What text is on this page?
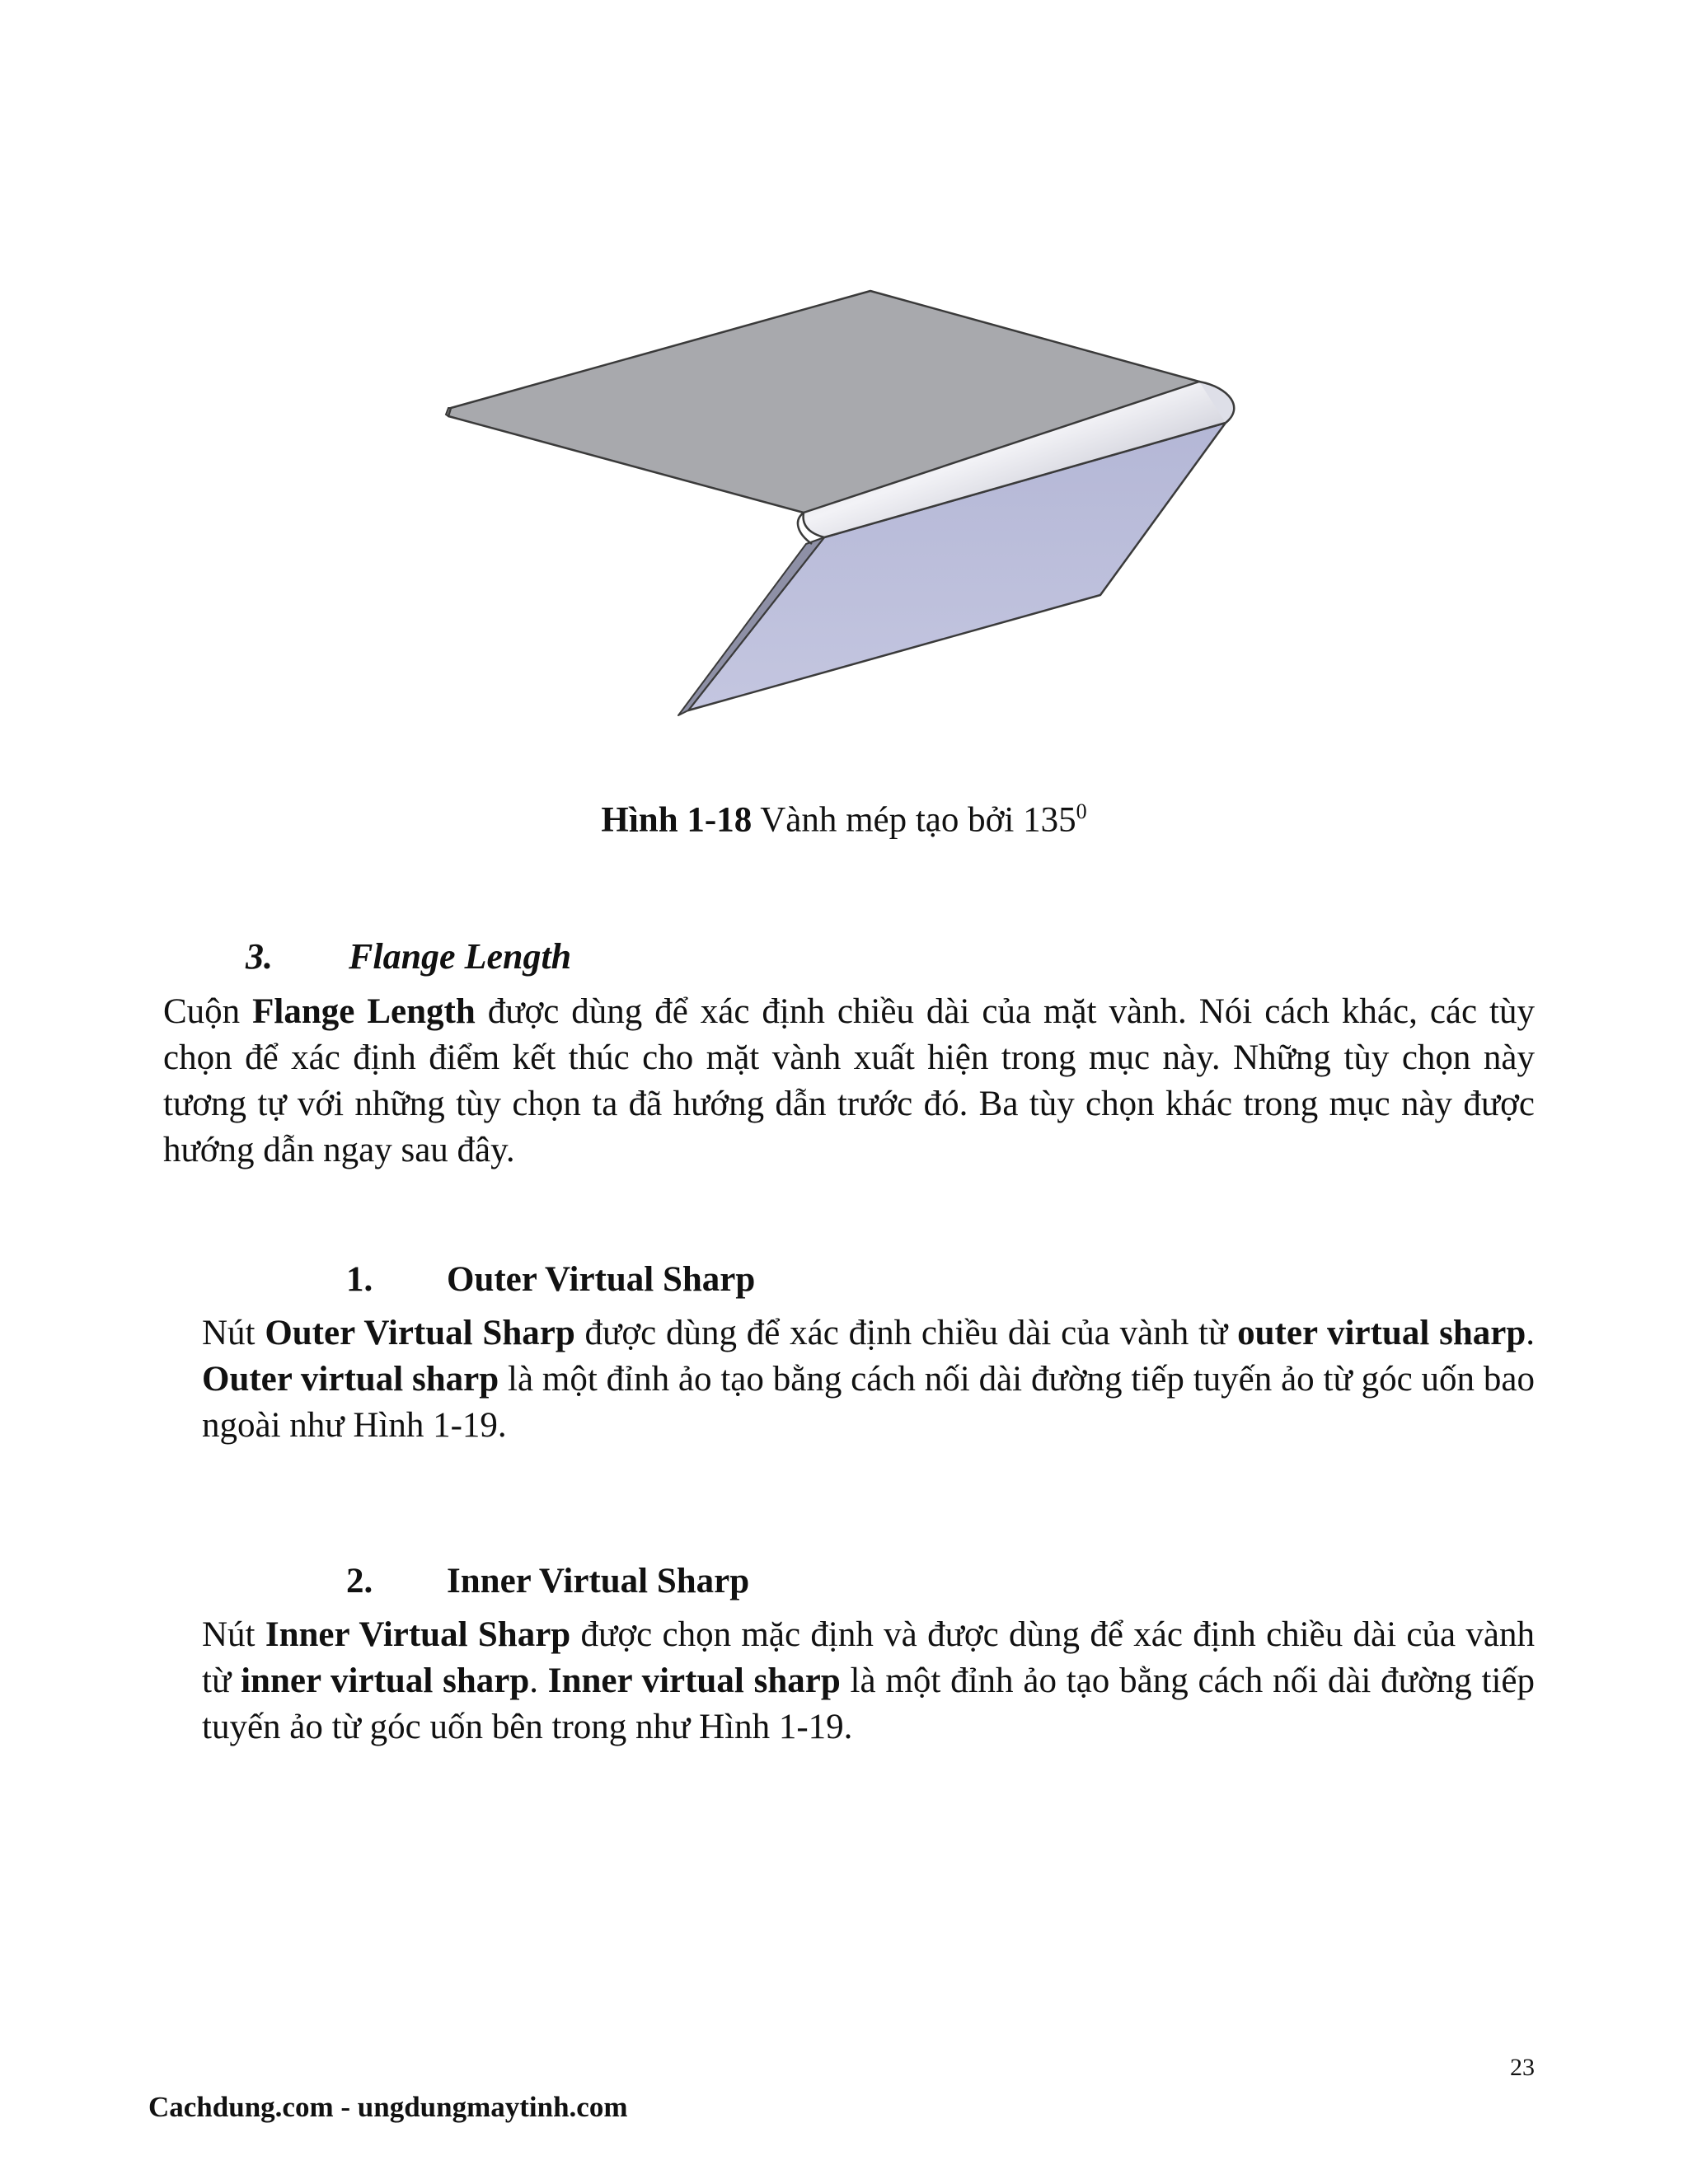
Hình 1-18 Vành mép tạo bởi $135^0$
3. Flange Length

Cuộn Flange Length được dùng để xác định chiều dài của mặt vành. Nói cách khác, các tùy chọn để xác định điểm kết thúc cho mặt vành xuất hiện trong mục này. Những tùy chọn này tương tự với những tùy chọn ta đã hướng dẫn trước đó. Ba tùy chọn khác trong mục này được hướng dẫn ngay sau đây.

1. Outer Virtual Sharp

Nút Outer Virtual Sharp được dùng để xác định chiều dài của vành từ outer virtual sharp. Outer virtual sharp là một đỉnh ảo tạo bằng cách nối dài đường tiếp tuyến ảo từ góc uốn bao ngoài như Hình 1-19.

2. Inner Virtual Sharp

Nút Inner Virtual Sharp được chọn mặc định và được dùng để xác định chiều dài của vành từ inner virtual sharp. Inner virtual sharp là một đỉnh ảo tạo bằng cách nối dài đường tiếp tuyến ảo từ góc uốn bên trong như Hình 1-19.

23
Cachdung.com - ungdungmaytinh.com
